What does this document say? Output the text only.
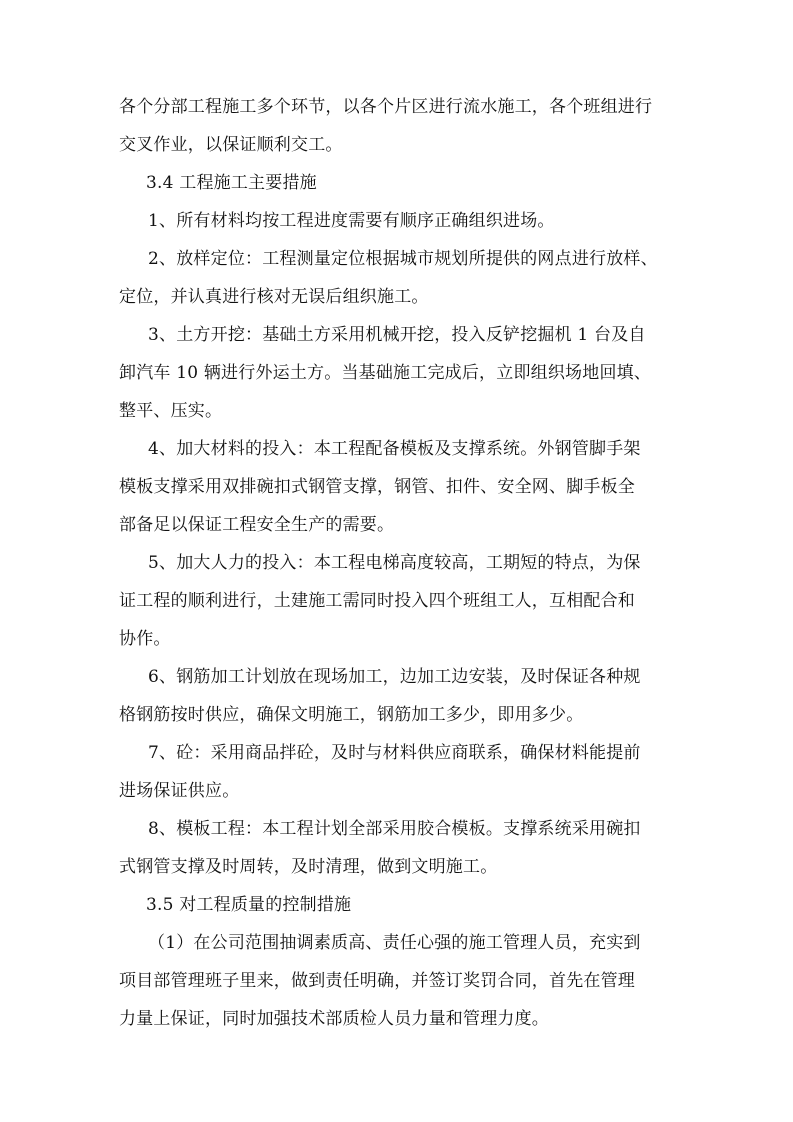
各个分部工程施工多个环节，以各个片区进行流水施工，各个班组进行
交叉作业，以保证顺利交工。
3.4 工程施工主要措施
1、所有材料均按工程进度需要有顺序正确组织进场。
2、放样定位：工程测量定位根据城市规划所提供的网点进行放样、
定位，并认真进行核对无误后组织施工。
3、土方开挖：基础土方采用机械开挖，投入反铲挖掘机 1 台及自
卸汽车 10 辆进行外运土方。当基础施工完成后，立即组织场地回填、
整平、压实。
4、加大材料的投入：本工程配备模板及支撑系统。外钢管脚手架
模板支撑采用双排碗扣式钢管支撑，钢管、扣件、安全网、脚手板全
部备足以保证工程安全生产的需要。
5、加大人力的投入：本工程电梯高度较高，工期短的特点，为保
证工程的顺利进行，土建施工需同时投入四个班组工人，互相配合和
协作。
6、钢筋加工计划放在现场加工，边加工边安装，及时保证各种规
格钢筋按时供应，确保文明施工，钢筋加工多少，即用多少。
7、砼：采用商品拌砼，及时与材料供应商联系，确保材料能提前
进场保证供应。
8、模板工程：本工程计划全部采用胶合模板。支撑系统采用碗扣
式钢管支撑及时周转，及时清理，做到文明施工。
3.5 对工程质量的控制措施
（1）在公司范围抽调素质高、责任心强的施工管理人员，充实到
项目部管理班子里来，做到责任明确，并签订奖罚合同，首先在管理
力量上保证，同时加强技术部质检人员力量和管理力度。
